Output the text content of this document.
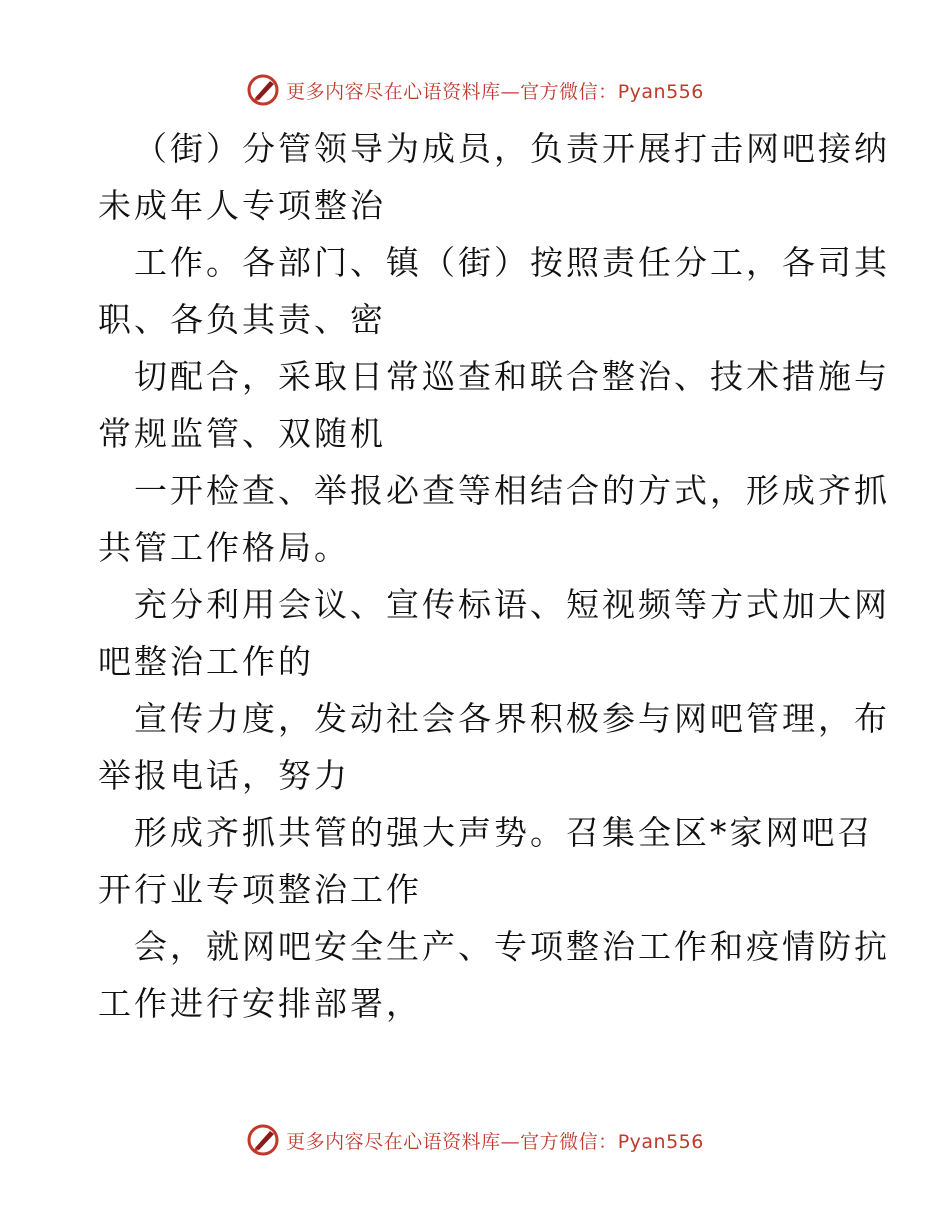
更多内容尽在心语资料库—官方微信：Pyan556
（街）分管领导为成员，负责开展打击网吧接纳
未成年人专项整治
工作。各部门、镇（街）按照责任分工，各司其
职、各负其责、密
切配合，采取日常巡查和联合整治、技术措施与
常规监管、双随机
一开检查、举报必查等相结合的方式，形成齐抓
共管工作格局。
充分利用会议、宣传标语、短视频等方式加大网
吧整治工作的
宣传力度，发动社会各界积极参与网吧管理，布
举报电话，努力
形成齐抓共管的强大声势。召集全区*家网吧召
开行业专项整治工作
会，就网吧安全生产、专项整治工作和疫情防抗
工作进行安排部署，
更多内容尽在心语资料库—官方微信：Pyan556
